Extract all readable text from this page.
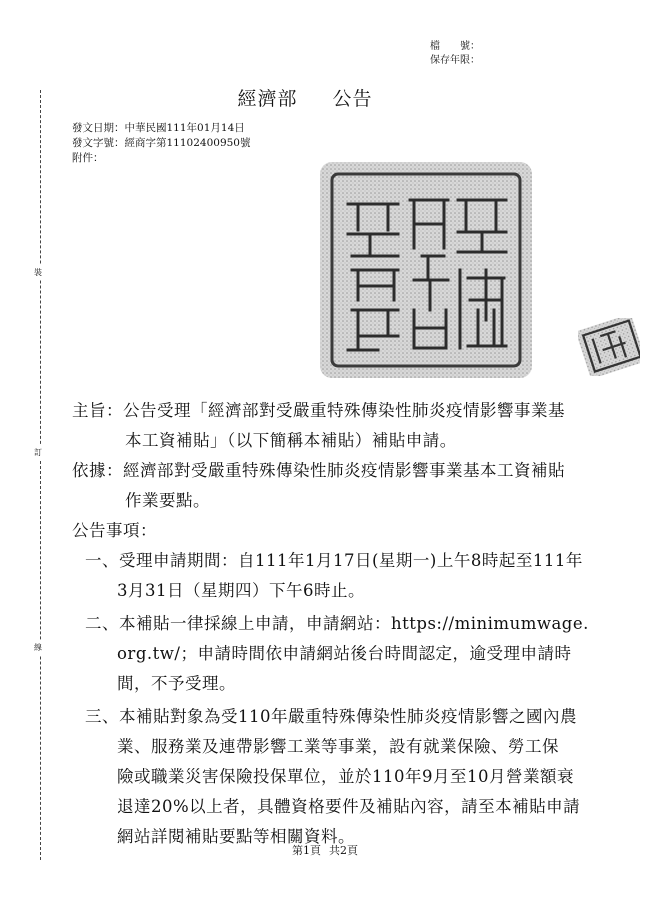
檔　　號：
保存年限：
經濟部 公告
發文日期：中華民國111年01月14日
發文字號：經商字第11102400950號
附件：
裝
訂
線
主旨：公告受理「經濟部對受嚴重特殊傳染性肺炎疫情影響事業基
本工資補貼」（以下簡稱本補貼）補貼申請。
依據：經濟部對受嚴重特殊傳染性肺炎疫情影響事業基本工資補貼
作業要點。
公告事項：
一、受理申請期間：自111年1月17日(星期一)上午8時起至111年
3月31日（星期四）下午6時止。
二、本補貼一律採線上申請，申請網站：https://minimumwage.
org.tw/；申請時間依申請網站後台時間認定，逾受理申請時
間，不予受理。
三、本補貼對象為受110年嚴重特殊傳染性肺炎疫情影響之國內農
業、服務業及連帶影響工業等事業，設有就業保險、勞工保
險或職業災害保險投保單位，並於110年9月至10月營業額衰
退達20%以上者，具體資格要件及補貼內容，請至本補貼申請
網站詳閱補貼要點等相關資料。
第1頁 共2頁
